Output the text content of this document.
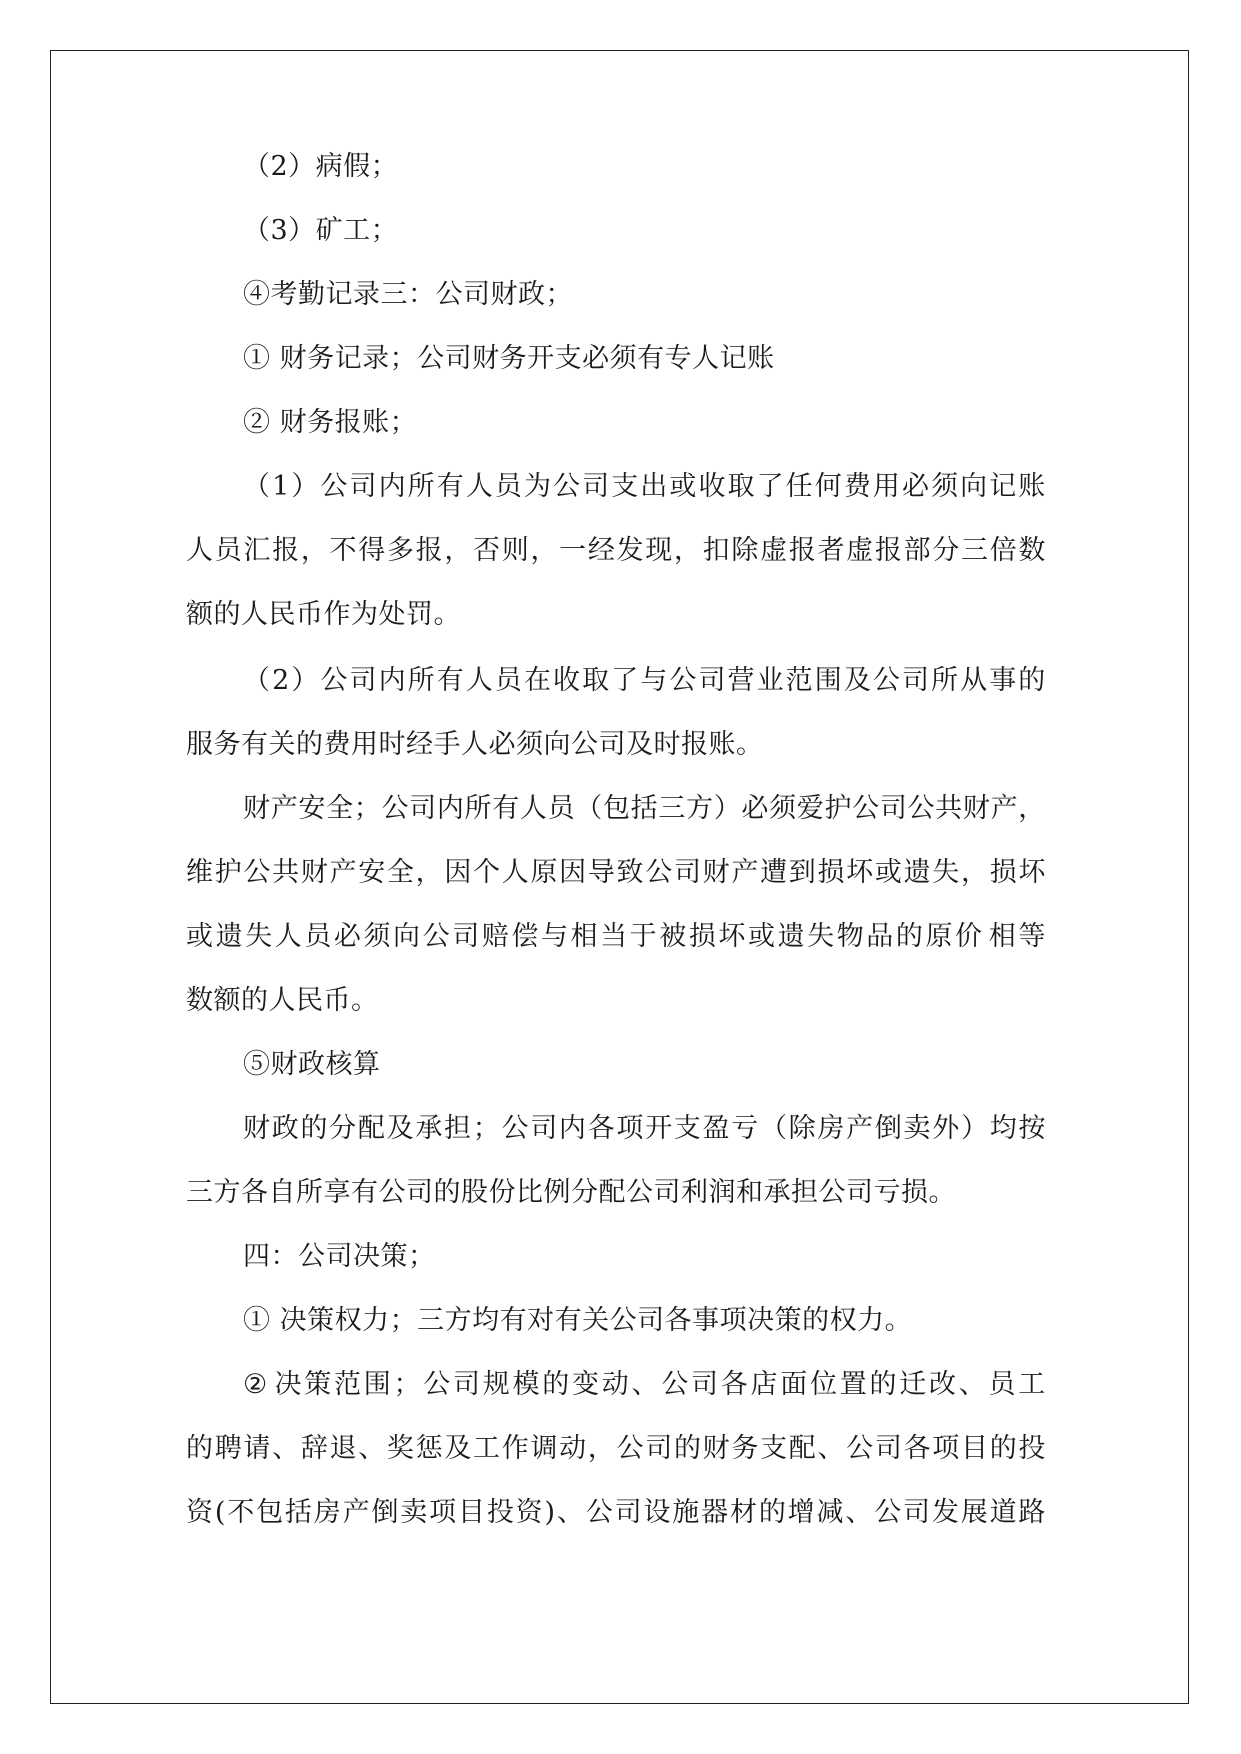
（2）病假；
（3）矿工；
④考勤记录三：公司财政；
① 财务记录；公司财务开支必须有专人记账
② 财务报账；
（ 1 ） 公 司 内 所 有 人 员 为 公 司 支 出 或 收 取 了 任 何 费 用 必 须 向 记 账
人 员 汇 报 ， 不 得 多 报 ， 否 则 ， 一 经 发 现 ， 扣 除 虚 报 者 虚 报 部 分 三 倍 数
额的人民币作为处罚。
（ 2 ） 公 司 内 所 有 人 员 在 收 取 了 与 公 司 营 业 范 围 及 公 司 所 从 事 的
服务有关的费用时经手人必须向公司及时报账。
财 产 安 全 ； 公 司 内 所 有 人 员 （ 包 括 三 方 ） 必 须 爱 护 公 司 公 共 财 产 ，
维 护 公 共 财 产 安 全 ， 因 个 人 原 因 导 致 公 司 财 产 遭 到 损 坏 或 遗 失 ， 损 坏
或 遗 失 人 员 必 须 向 公 司 赔 偿 与 相 当 于 被 损 坏 或 遗 失 物 品 的 原 价 相 等
数额的人民币。
⑤财政核算
财 政 的 分 配 及 承 担 ； 公 司 内 各 项 开 支 盈 亏 （ 除 房 产 倒 卖 外 ） 均 按
三方各自所享有公司的股份比例分配公司利润和承担公司亏损。
四：公司决策；
① 决策权力；三方均有对有关公司各事项决策的权力。
② 决 策 范 围 ； 公 司 规 模 的 变 动 、 公 司 各 店 面 位 置 的 迁 改 、 员 工
的 聘 请 、 辞 退 、 奖 惩 及 工 作 调 动 ， 公 司 的 财 务 支 配 、 公 司 各 项 目 的 投
资 ( 不 包 括 房 产 倒 卖 项 目 投 资 ) 、 公 司 设 施 器 材 的 增 减 、 公 司 发 展 道 路
